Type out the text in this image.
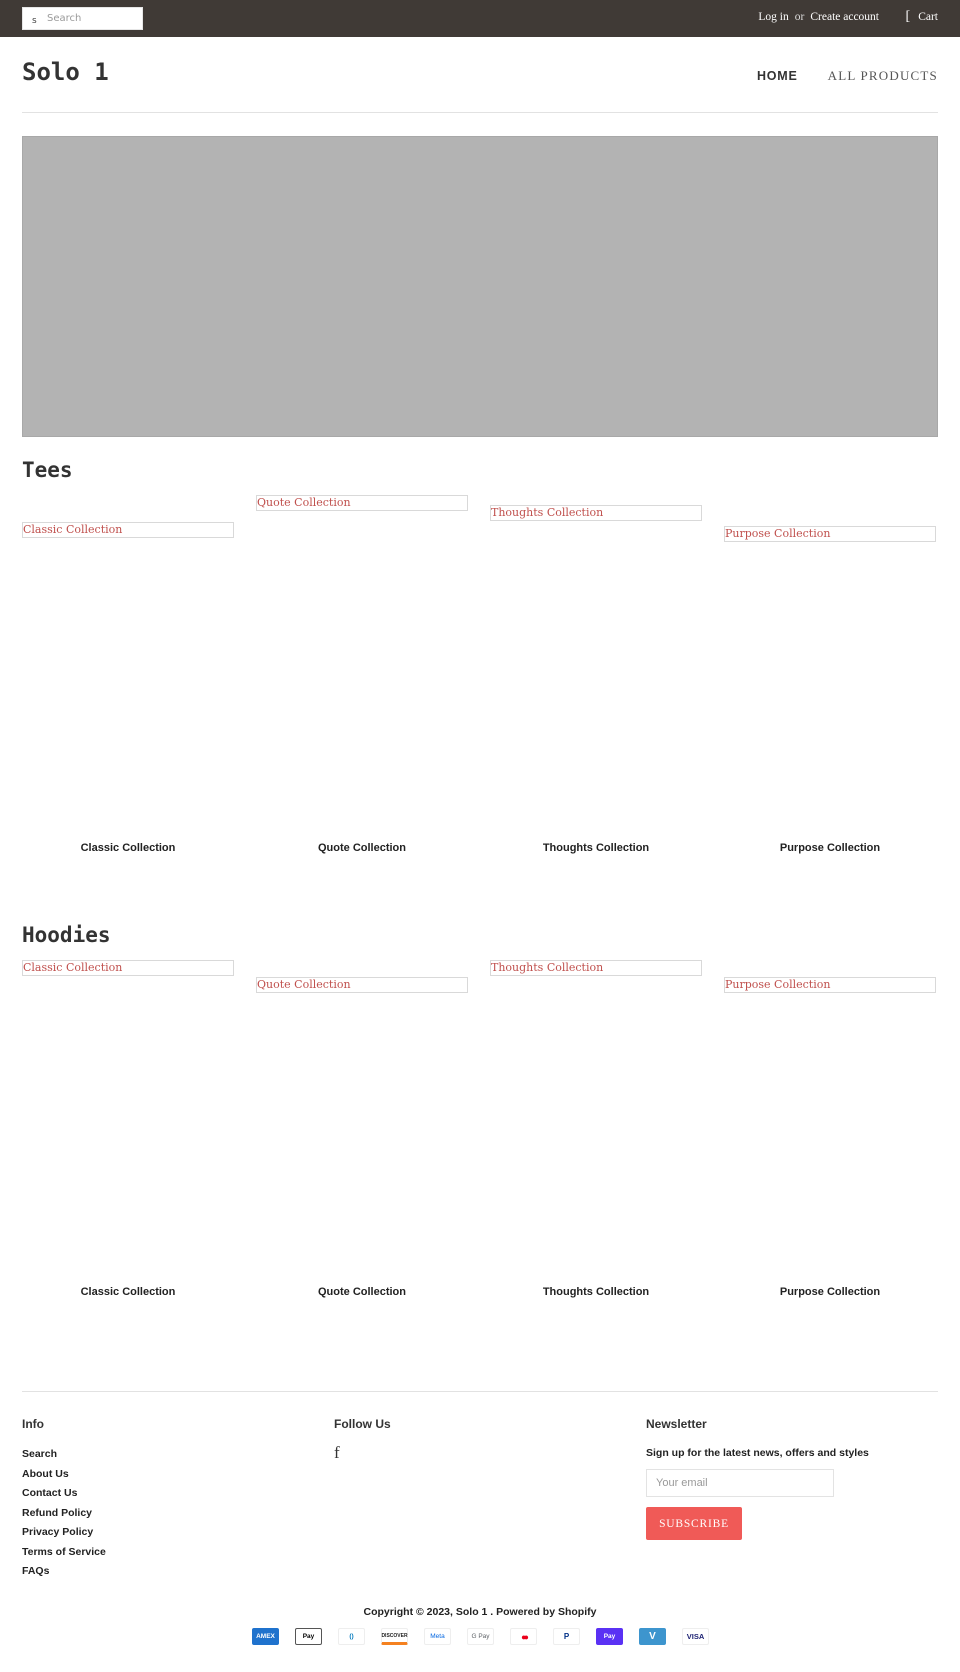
s
Search	Log in or Create account [ Cart
Solo 1	HOME ALL PRODUCTS
Tees
Classic Collection
Quote Collection
Thoughts Collection
Purpose Collection
Classic Collection	Quote Collection	Thoughts Collection	Purpose Collection
Hoodies
Classic Collection
Quote Collection
Thoughts Collection
Purpose Collection
Classic Collection	Quote Collection	Thoughts Collection	Purpose Collection
Info
Search
About Us
Contact Us
Refund Policy
Privacy Policy
Terms of Service
FAQs
Follow Us
f
Newsletter
Sign up for the latest news, offers and styles
Your email
SUBSCRIBE
Copyright © 2023, Solo 1 . Powered by Shopify
AMEX	Pay	()	DISCOVER	Meta	G Pay	●●	P	Pay	V	VISA
